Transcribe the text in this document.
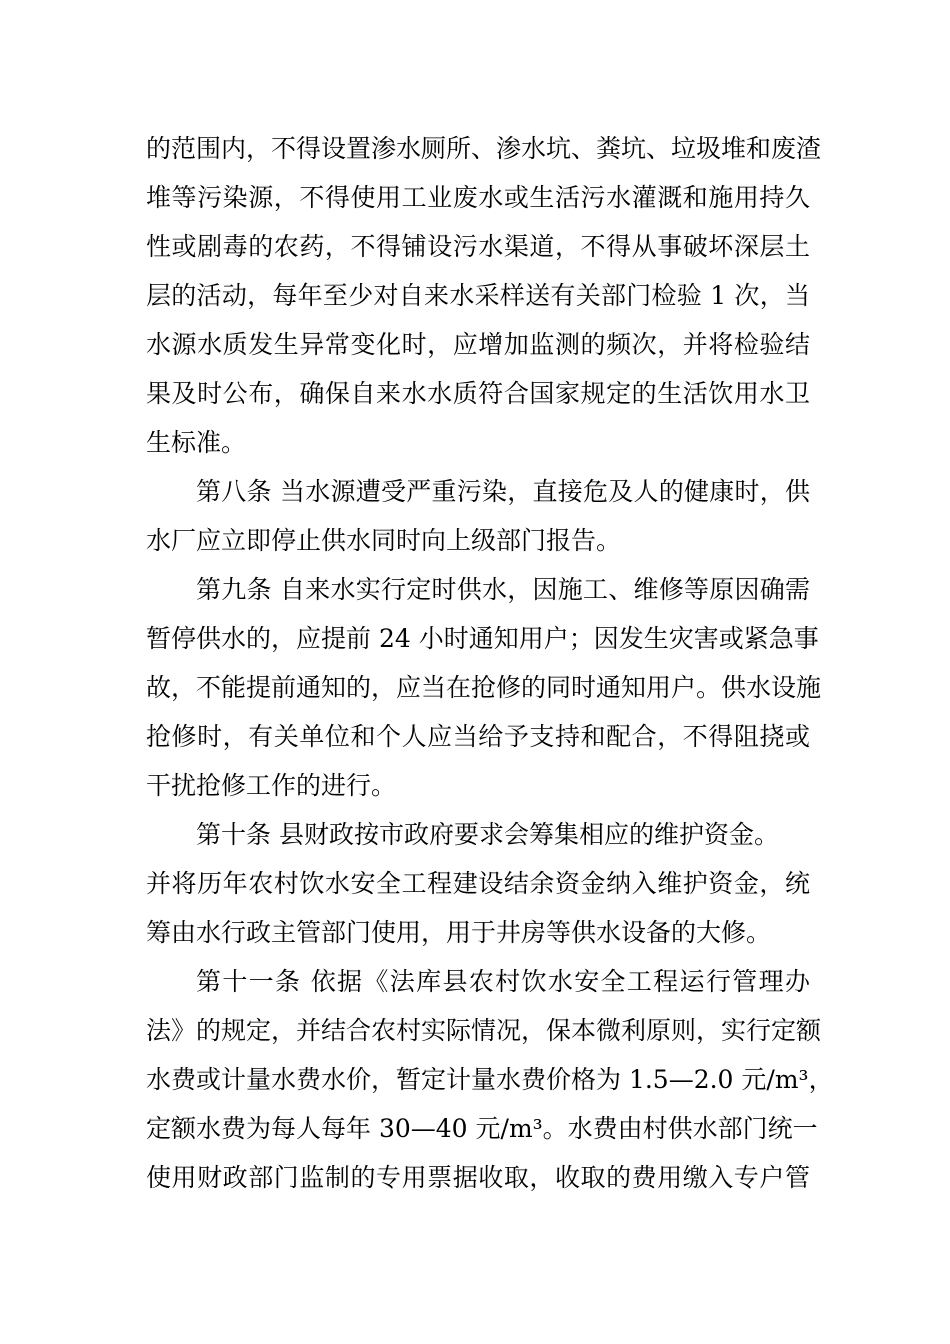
的范围内，不得设置渗水厕所、渗水坑、粪坑、垃圾堆和废渣
堆等污染源，不得使用工业废水或生活污水灌溉和施用持久
性或剧毒的农药，不得铺设污水渠道，不得从事破坏深层土
层的活动，每年至少对自来水采样送有关部门检验 1 次，当
水源水质发生异常变化时，应增加监测的频次，并将检验结
果及时公布，确保自来水水质符合国家规定的生活饮用水卫
生标准。
第八条 当水源遭受严重污染，直接危及人的健康时，供
水厂应立即停止供水同时向上级部门报告。
第九条 自来水实行定时供水，因施工、维修等原因确需
暂停供水的，应提前 24 小时通知用户；因发生灾害或紧急事
故，不能提前通知的，应当在抢修的同时通知用户。供水设施
抢修时，有关单位和个人应当给予支持和配合，不得阻挠或
干扰抢修工作的进行。
第十条 县财政按市政府要求会筹集相应的维护资金。
并将历年农村饮水安全工程建设结余资金纳入维护资金，统
筹由水行政主管部门使用，用于井房等供水设备的大修。
第十一条 依据《法库县农村饮水安全工程运行管理办
法》的规定，并结合农村实际情况，保本微利原则，实行定额
水费或计量水费水价，暂定计量水费价格为 1.5—2.0 元/m³，
定额水费为每人每年 30—40 元/m³。水费由村供水部门统一
使用财政部门监制的专用票据收取，收取的费用缴入专户管
